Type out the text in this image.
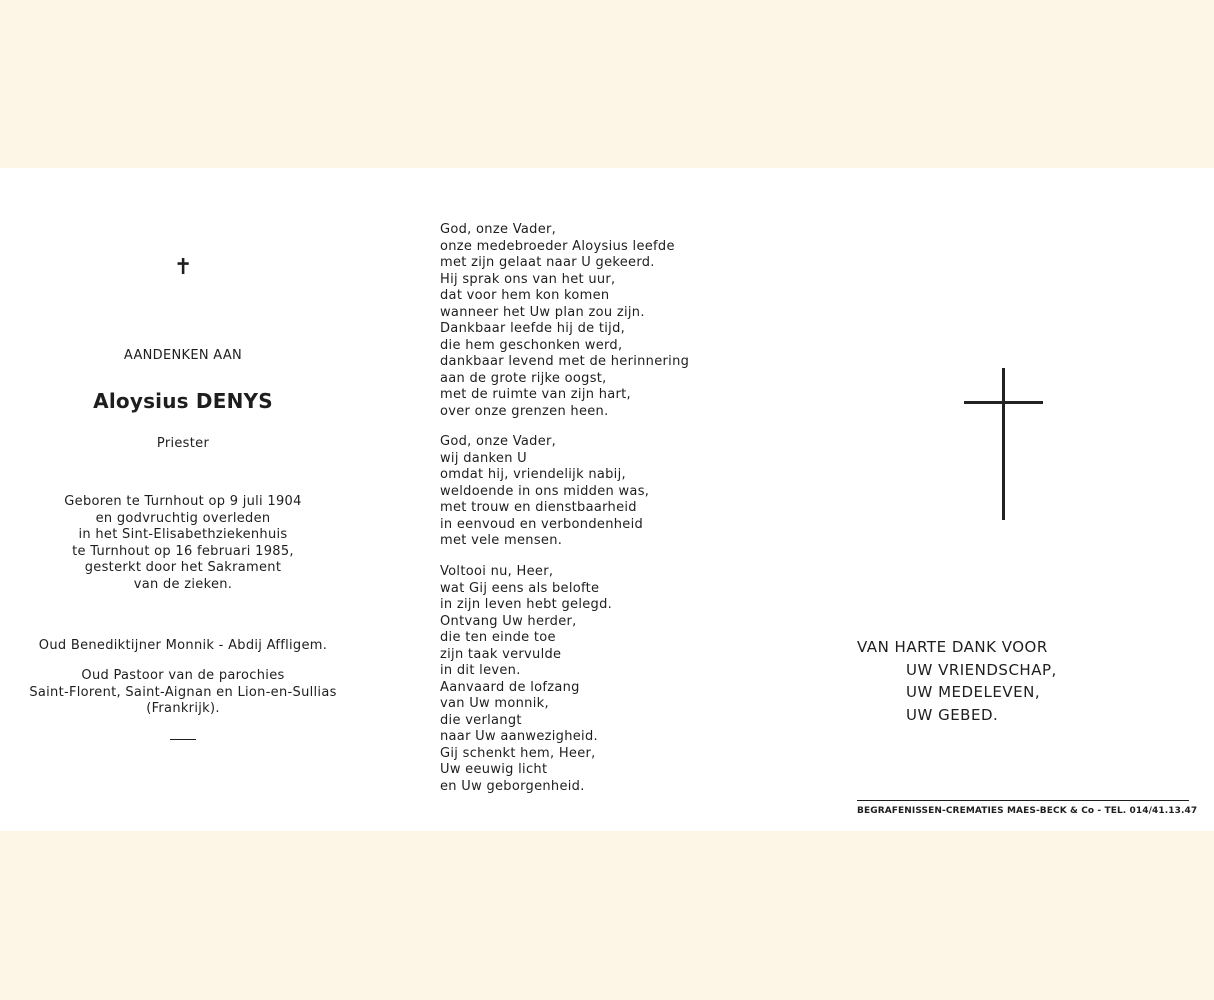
✝
AANDENKEN AAN
Aloysius DENYS
Priester
Geboren te Turnhout op 9 juli 1904
en godvruchtig overleden
in het Sint-Elisabethziekenhuis
te Turnhout op 16 februari 1985,
gesterkt door het Sakrament
van de zieken.
Oud Benediktijner Monnik - Abdij Affligem.
Oud Pastoor van de parochies
Saint-Florent, Saint-Aignan en Lion-en-Sullias
(Frankrijk).
God, onze Vader,
onze medebroeder Aloysius leefde
met zijn gelaat naar U gekeerd.
Hij sprak ons van het uur,
dat voor hem kon komen
wanneer het Uw plan zou zijn.
Dankbaar leefde hij de tijd,
die hem geschonken werd,
dankbaar levend met de herinnering
aan de grote rijke oogst,
met de ruimte van zijn hart,
over onze grenzen heen.
God, onze Vader,
wij danken U
omdat hij, vriendelijk nabij,
weldoende in ons midden was,
met trouw en dienstbaarheid
in eenvoud en verbondenheid
met vele mensen.
Voltooi nu, Heer,
wat Gij eens als belofte
in zijn leven hebt gelegd.
Ontvang Uw herder,
die ten einde toe
zijn taak vervulde
in dit leven.
Aanvaard de lofzang
van Uw monnik,
die verlangt
naar Uw aanwezigheid.
Gij schenkt hem, Heer,
Uw eeuwig licht
en Uw geborgenheid.
VAN HARTE DANK VOOR
UW VRIENDSCHAP,
UW MEDELEVEN,
UW GEBED.
BEGRAFENISSEN-CREMATIES MAES-BECK & Co - TEL. 014/41.13.47
